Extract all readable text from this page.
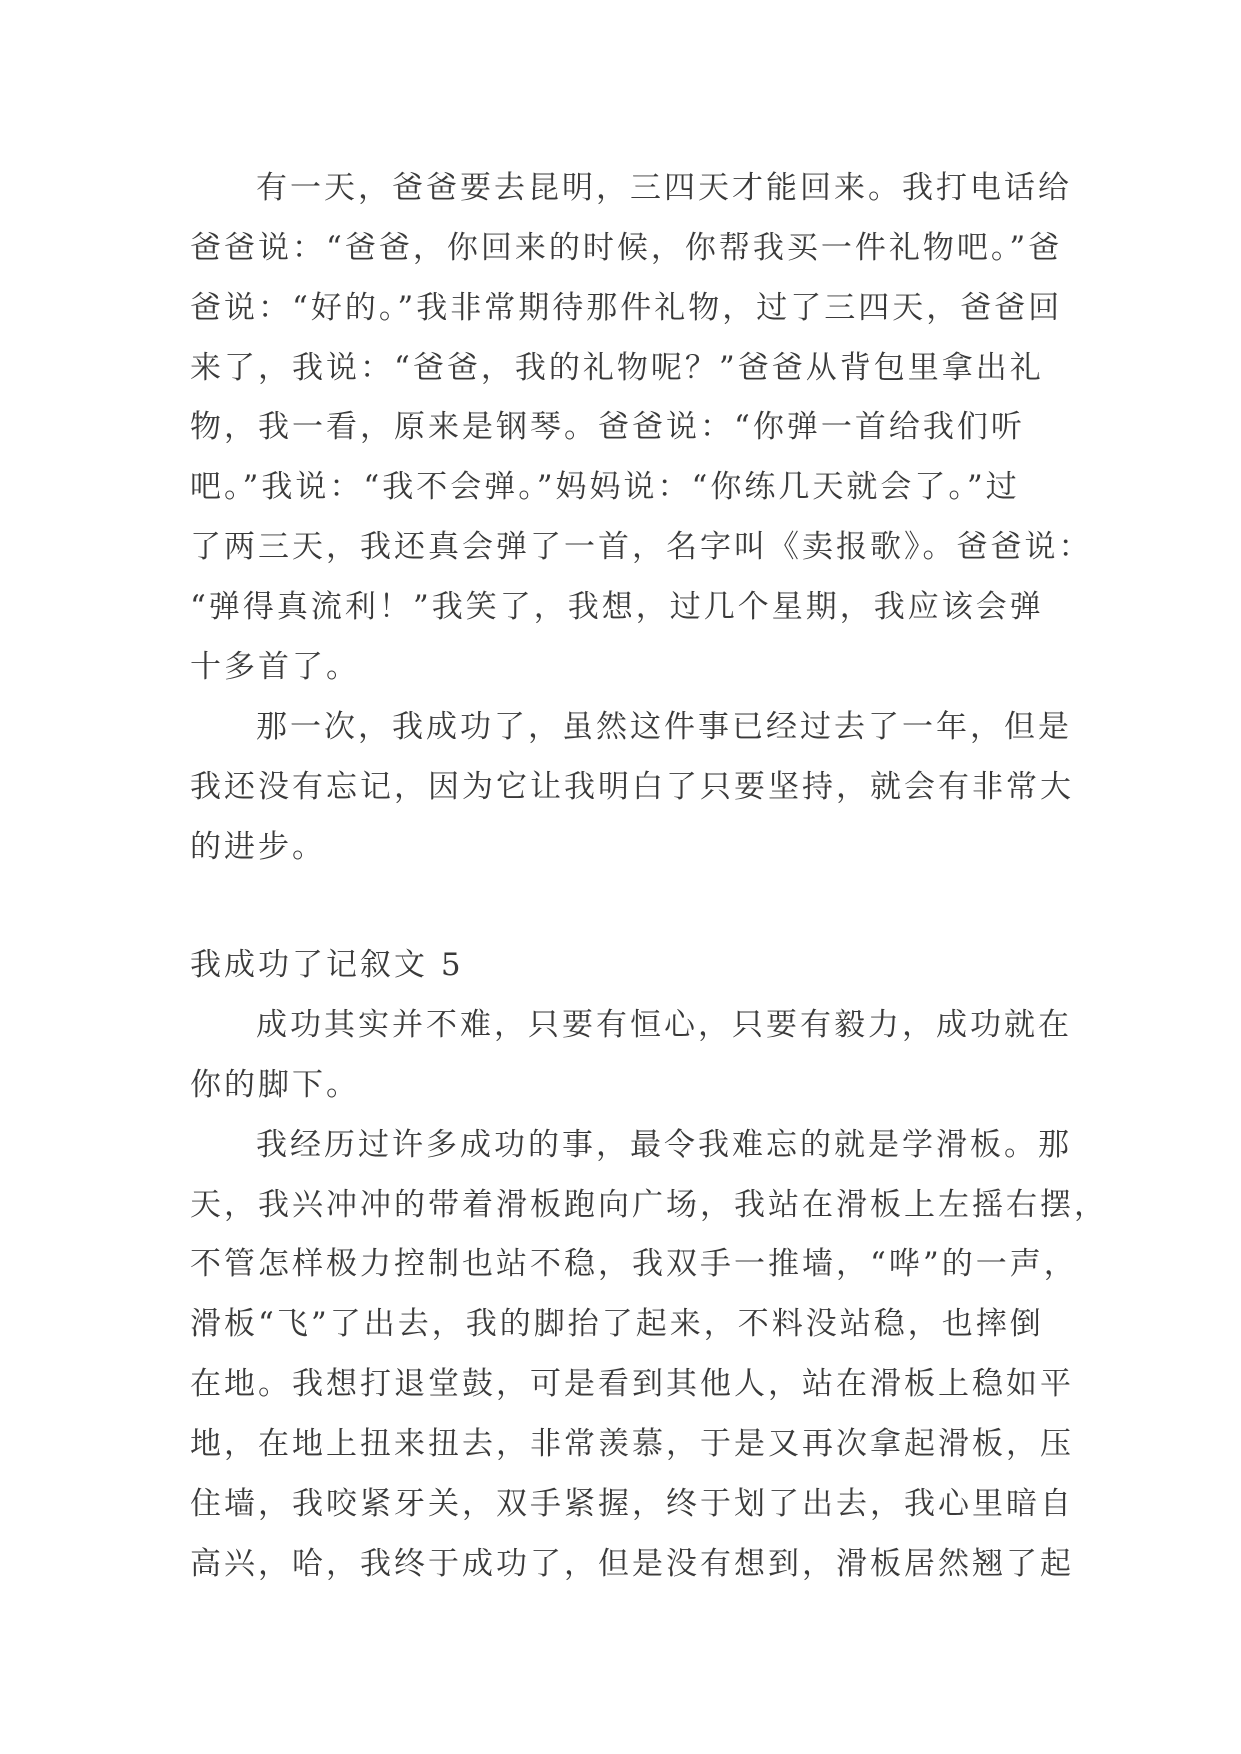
有一天，爸爸要去昆明，三四天才能回来。我打电话给
爸爸说：“爸爸，你回来的时候，你帮我买一件礼物吧。”爸
爸说：“好的。”我非常期待那件礼物，过了三四天，爸爸回
来了，我说：“爸爸，我的礼物呢？”爸爸从背包里拿出礼
物，我一看，原来是钢琴。爸爸说：“你弹一首给我们听
吧。”我说：“我不会弹。”妈妈说：“你练几天就会了。”过
了两三天，我还真会弹了一首，名字叫《卖报歌》。爸爸说：
“弹得真流利！”我笑了，我想，过几个星期，我应该会弹
十多首了。
那一次，我成功了，虽然这件事已经过去了一年，但是
我还没有忘记，因为它让我明白了只要坚持，就会有非常大
的进步。
我成功了记叙文 5
成功其实并不难，只要有恒心，只要有毅力，成功就在
你的脚下。
我经历过许多成功的事，最令我难忘的就是学滑板。那
天，我兴冲冲的带着滑板跑向广场，我站在滑板上左摇右摆，
不管怎样极力控制也站不稳，我双手一推墙，“哗”的一声，
滑板“飞”了出去，我的脚抬了起来，不料没站稳，也摔倒
在地。我想打退堂鼓，可是看到其他人，站在滑板上稳如平
地，在地上扭来扭去，非常羡慕，于是又再次拿起滑板，压
住墙，我咬紧牙关，双手紧握，终于划了出去，我心里暗自
高兴，哈，我终于成功了，但是没有想到，滑板居然翘了起
